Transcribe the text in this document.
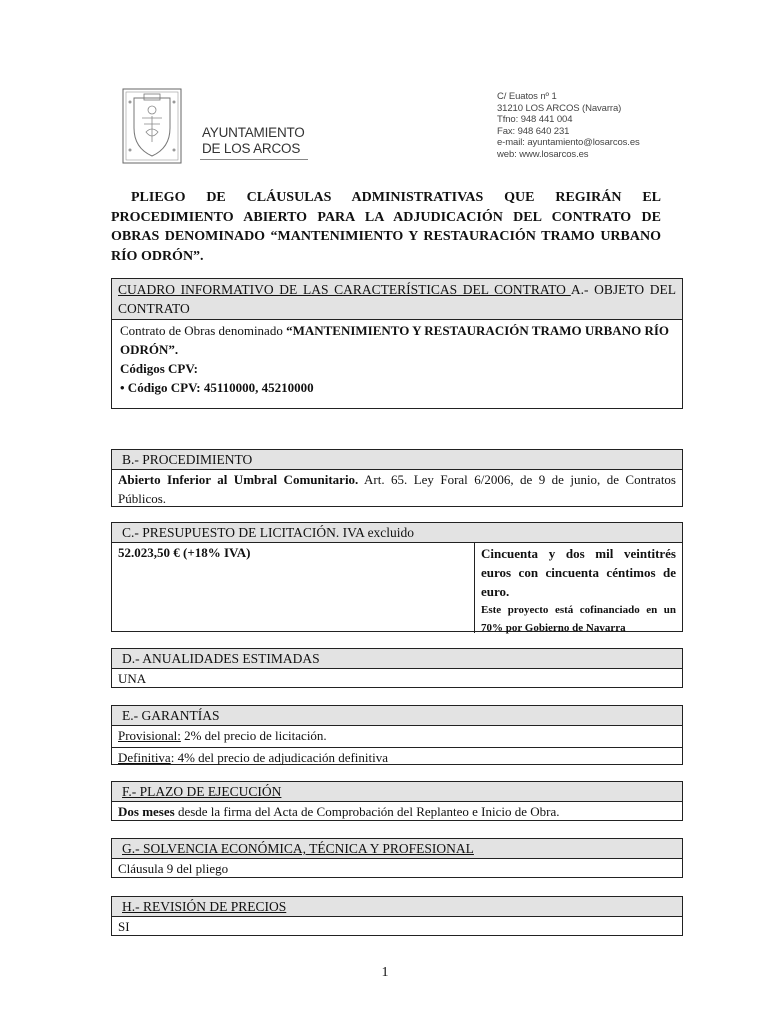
AYUNTAMIENTO
DE LOS ARCOS
C/ Euatos nº 1
31210 LOS ARCOS (Navarra)
Tfno: 948 441 004
Fax: 948 640 231
e-mail: ayuntamiento@losarcos.es
web: www.losarcos.es
PLIEGO DE CLÁUSULAS ADMINISTRATIVAS QUE REGIRÁN EL PROCEDIMIENTO ABIERTO PARA LA ADJUDICACIÓN DEL CONTRATO DE OBRAS DENOMINADO “MANTENIMIENTO Y RESTAURACIÓN TRAMO URBANO RÍO ODRÓN”.
CUADRO INFORMATIVO DE LAS CARACTERÍSTICAS DEL CONTRATO A.- OBJETO DEL CONTRATO
Contrato de Obras denominado “MANTENIMIENTO Y RESTAURACIÓN TRAMO URBANO RÍO ODRÓN”.
Códigos CPV:
• Código CPV: 45110000, 45210000
B.- PROCEDIMIENTO
Abierto Inferior al Umbral Comunitario. Art. 65. Ley Foral 6/2006, de 9 de junio, de Contratos Públicos.
C.- PRESUPUESTO DE LICITACIÓN. IVA excluido
52.023,50 € (+18% IVA)	Cincuenta y dos mil veintitrés euros con cincuenta céntimos de euro.
Este proyecto está cofinanciado en un 70% por Gobierno de Navarra
D.- ANUALIDADES ESTIMADAS
UNA
E.- GARANTÍAS
Provisional: 2% del precio de licitación.
Definitiva: 4% del precio de adjudicación definitiva
F.- PLAZO DE EJECUCIÓN
Dos meses desde la firma del Acta de Comprobación del Replanteo e Inicio de Obra.
G.- SOLVENCIA ECONÓMICA, TÉCNICA Y PROFESIONAL
Cláusula 9 del pliego
H.- REVISIÓN DE PRECIOS
SI
1
